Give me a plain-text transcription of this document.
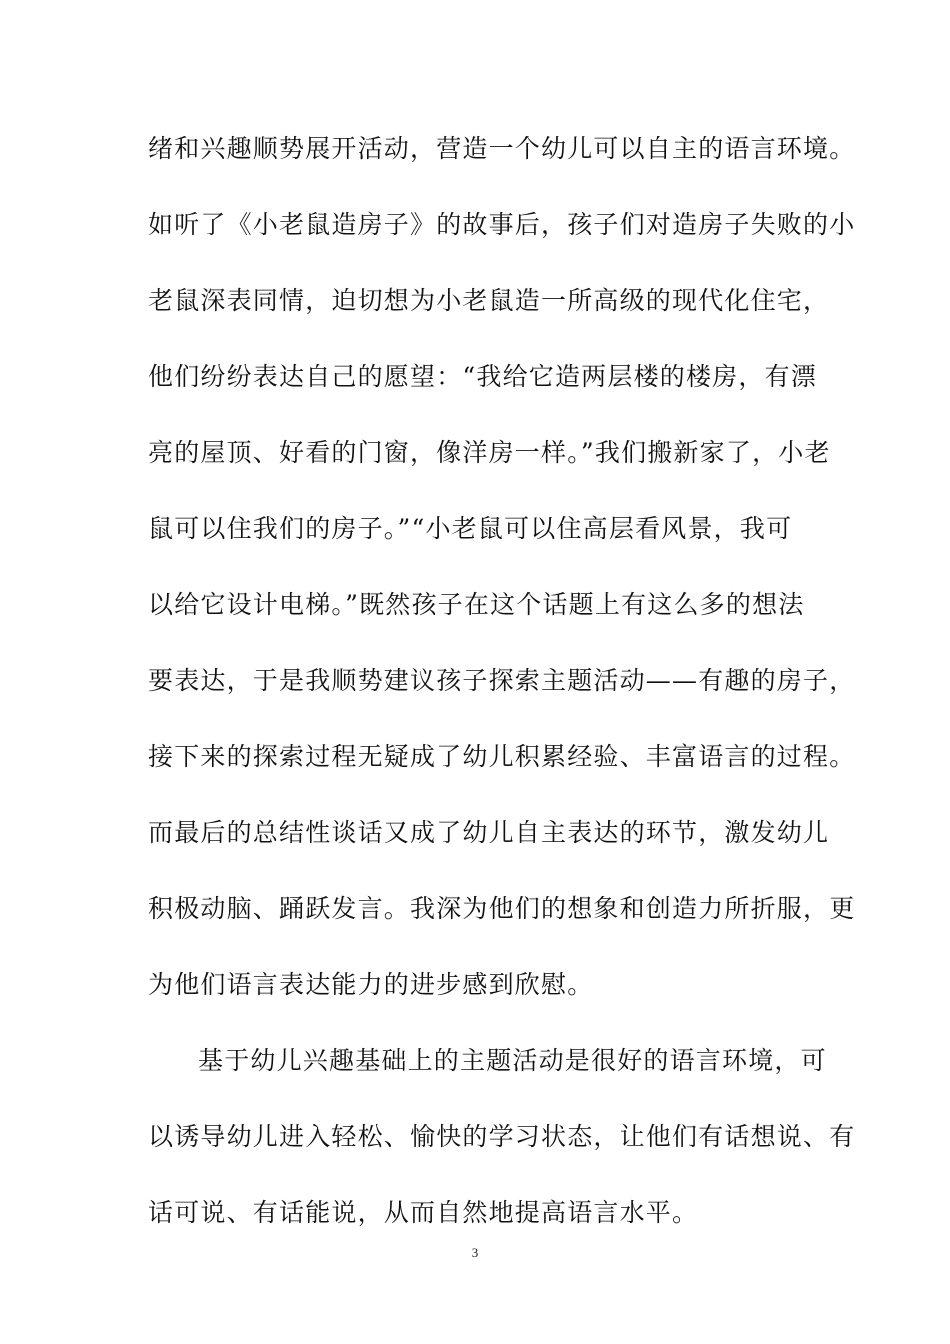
绪和兴趣顺势展开活动，营造一个幼儿可以自主的语言环境。
如听了《小老鼠造房子》的故事后，孩子们对造房子失败的小
老鼠深表同情，迫切想为小老鼠造一所高级的现代化住宅，
他们纷纷表达自己的愿望：“我给它造两层楼的楼房，有漂
亮的屋顶、好看的门窗，像洋房一样。”我们搬新家了，小老
鼠可以住我们的房子。”“小老鼠可以住高层看风景，我可
以给它设计电梯。”既然孩子在这个话题上有这么多的想法
要表达，于是我顺势建议孩子探索主题活动——有趣的房子，
接下来的探索过程无疑成了幼儿积累经验、丰富语言的过程。
而最后的总结性谈话又成了幼儿自主表达的环节，激发幼儿
积极动脑、踊跃发言。我深为他们的想象和创造力所折服，更
为他们语言表达能力的进步感到欣慰。
基于幼儿兴趣基础上的主题活动是很好的语言环境，可
以诱导幼儿进入轻松、愉快的学习状态，让他们有话想说、有
话可说、有话能说，从而自然地提高语言水平。
3
